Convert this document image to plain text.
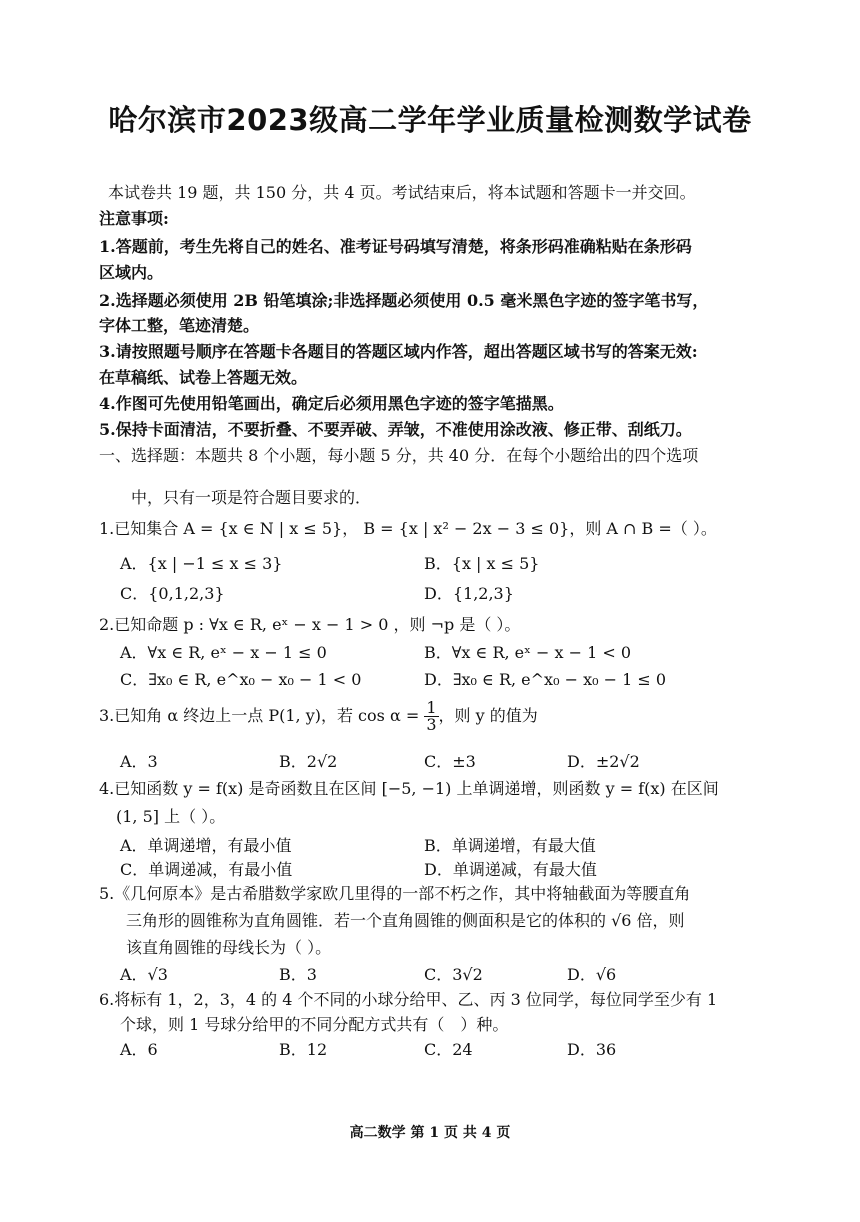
哈尔滨市2023级高二学年学业质量检测数学试卷
本试卷共 19 题，共 150 分，共 4 页。考试结束后，将本试题和答题卡一并交回。
注意事项:
1.答题前，考生先将自己的姓名、准考证号码填写清楚，将条形码准确粘贴在条形码
区域内。
2.选择题必须使用 2B 铅笔填涂;非选择题必须使用 0.5 毫米黑色字迹的签字笔书写，
字体工整，笔迹清楚。
3.请按照题号顺序在答题卡各题目的答题区域内作答，超出答题区域书写的答案无效:
在草稿纸、试卷上答题无效。
4.作图可先使用铅笔画出，确定后必须用黑色字迹的签字笔描黑。
5.保持卡面清洁，不要折叠、不要弄破、弄皱，不准使用涂改液、修正带、刮纸刀。
一、选择题：本题共 8 个小题，每小题 5 分，共 40 分．在每个小题给出的四个选项
中，只有一项是符合题目要求的．
1.已知集合 A = {x ∈ N | x ≤ 5}， B = {x | x² − 2x − 3 ≤ 0}，则 A ∩ B =（ ）。
A．{x | −1 ≤ x ≤ 3}	B．{x | x ≤ 5}
C．{0,1,2,3}	D．{1,2,3}
2.已知命题 p : ∀x ∈ R, eˣ − x − 1 > 0 ，则 ¬p 是（ ）。
A．∀x ∈ R, eˣ − x − 1 ≤ 0	B．∀x ∈ R, eˣ − x − 1 < 0
C．∃x₀ ∈ R, e^x₀ − x₀ − 1 < 0	D．∃x₀ ∈ R, e^x₀ − x₀ − 1 ≤ 0
3.已知角 α 终边上一点 P(1, y)，若 $\cos \alpha = \frac{1}{3}$ ，则 y 的值为
A．3	B．2√2	C．±3	D．±2√2
4.已知函数 y = f(x) 是奇函数且在区间 [−5, −1) 上单调递增，则函数 y = f(x) 在区间
(1, 5] 上（ ）。
A．单调递增，有最小值	B．单调递增，有最大值
C．单调递减，有最小值	D．单调递减，有最大值
5.《几何原本》是古希腊数学家欧几里得的一部不朽之作，其中将轴截面为等腰直角
三角形的圆锥称为直角圆锥．若一个直角圆锥的侧面积是它的体积的 √6 倍，则
该直角圆锥的母线长为（ ）。
A．√3	B．3	C．3√2	D．√6
6.将标有 1，2，3，4 的 4 个不同的小球分给甲、乙、丙 3 位同学，每位同学至少有 1
个球，则 1 号球分给甲的不同分配方式共有（　）种。
A．6	B．12	C．24	D．36
高二数学 第 1 页 共 4 页
